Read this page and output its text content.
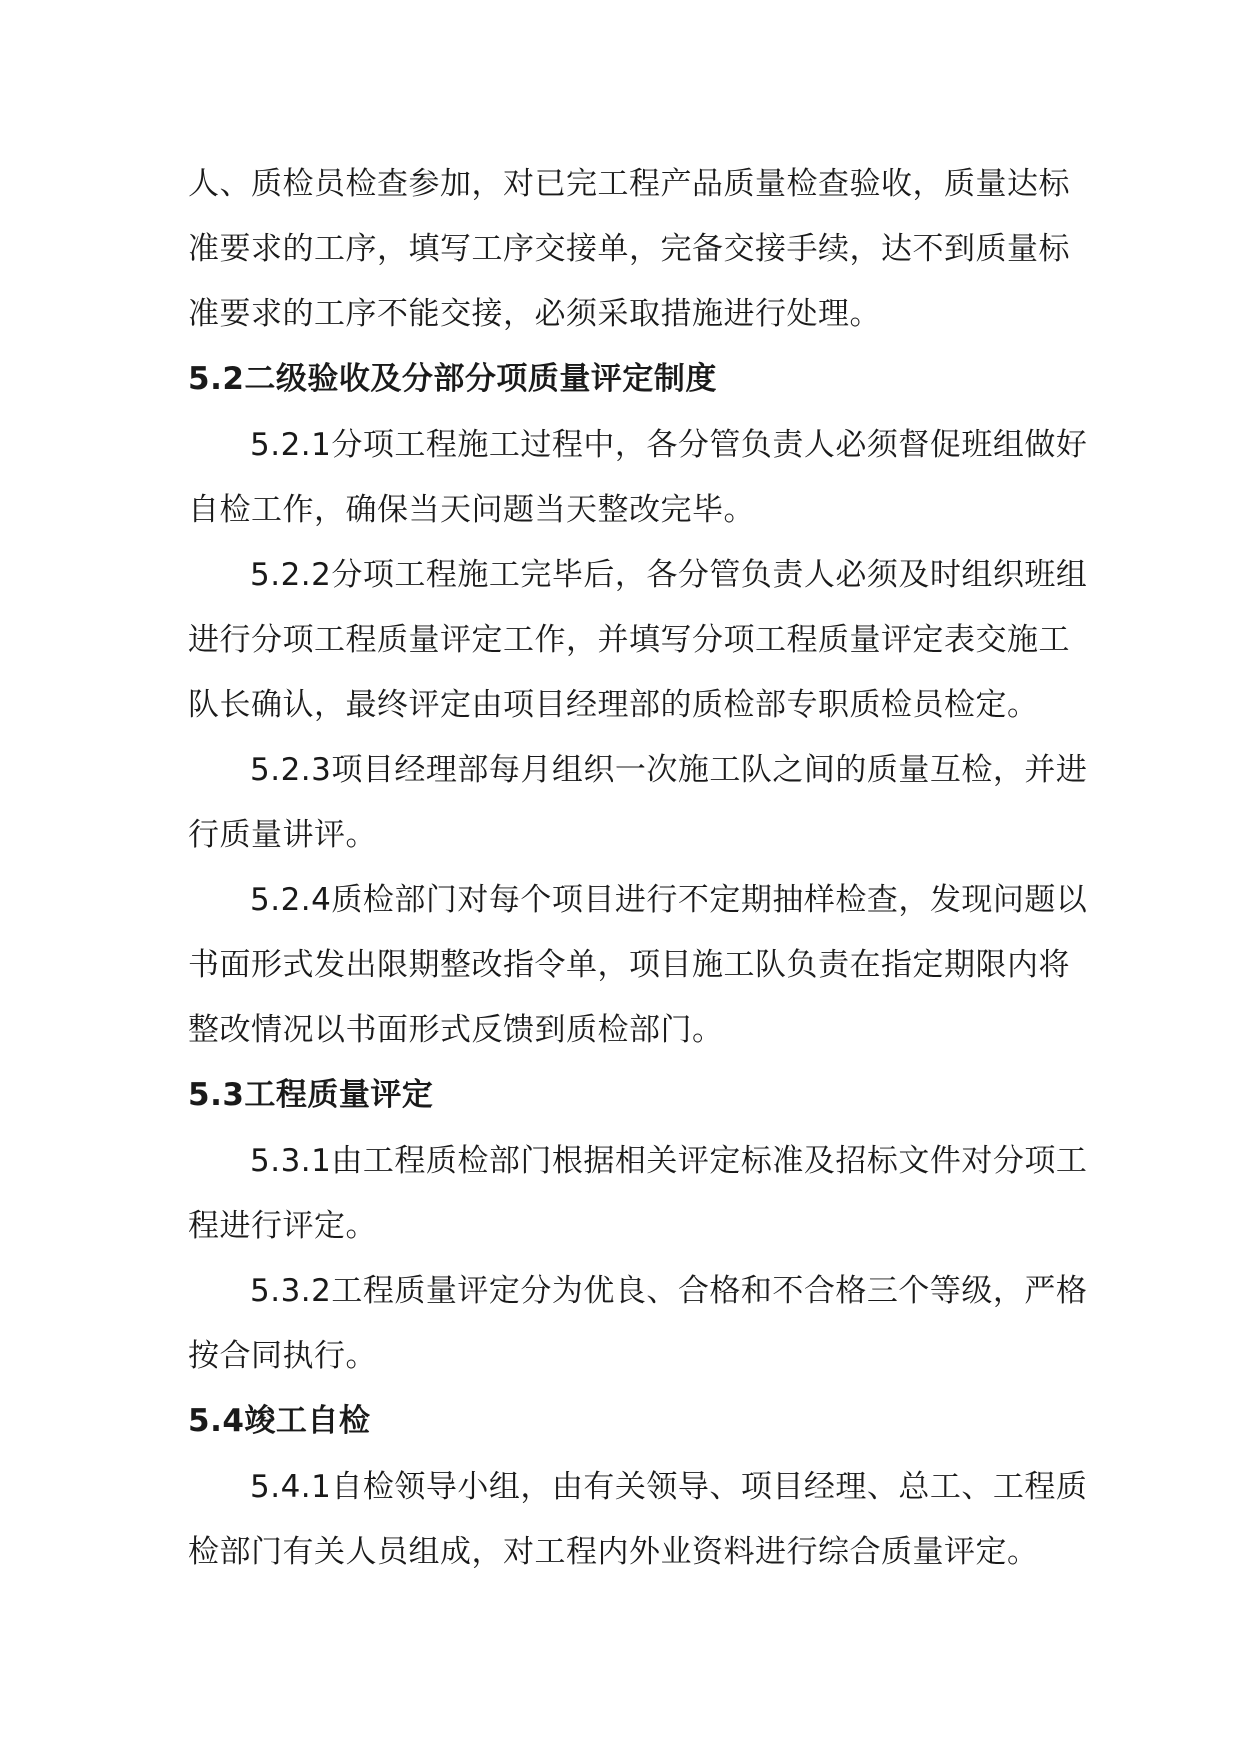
人、质检员检查参加，对已完工程产品质量检查验收，质量达标
准要求的工序，填写工序交接单，完备交接手续，达不到质量标
准要求的工序不能交接，必须采取措施进行处理。
5.2二级验收及分部分项质量评定制度
5.2.1分项工程施工过程中，各分管负责人必须督促班组做好
自检工作，确保当天问题当天整改完毕。
5.2.2分项工程施工完毕后，各分管负责人必须及时组织班组
进行分项工程质量评定工作，并填写分项工程质量评定表交施工
队长确认，最终评定由项目经理部的质检部专职质检员检定。
5.2.3项目经理部每月组织一次施工队之间的质量互检，并进
行质量讲评。
5.2.4质检部门对每个项目进行不定期抽样检查，发现问题以
书面形式发出限期整改指令单，项目施工队负责在指定期限内将
整改情况以书面形式反馈到质检部门。
5.3工程质量评定
5.3.1由工程质检部门根据相关评定标准及招标文件对分项工
程进行评定。
5.3.2工程质量评定分为优良、合格和不合格三个等级，严格
按合同执行。
5.4竣工自检
5.4.1自检领导小组，由有关领导、项目经理、总工、工程质
检部门有关人员组成，对工程内外业资料进行综合质量评定。
